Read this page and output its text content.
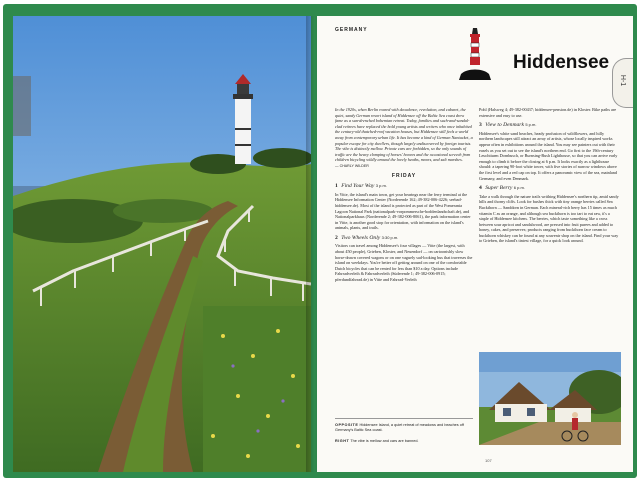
GERMANY
Hiddensee
H-1

In the 1920s, when Berlin roared with decadence, revolution, and cabaret, the quiet, sandy German resort island of Hiddensee off the Baltic Sea coast drew fame as a sun-drenched bohemian retreat. Today, families and such-and-sandal-clad retirees have replaced the bold young artists and writers who once inhabited the century-old thatched-roof vacation houses, but Hiddensee still feels a world away from contemporary urban life. It has become a kind of German Nantucket, a popular escape for city dwellers, though largely undiscovered by foreign tourists. The vibe is distinctly mellow. Private cars are forbidden, so the only sounds of traffic are the heavy clomping of horses' hooves and the occasional screech from children bicycling wildly around the lovely heaths, moors, and salt marshes.

— CHARLY WILDER

FRIDAY
1 Find Your Way 3 p.m.

In Vitte, the island's main town, get your bearings near the ferry terminal at the Hiddensee Information Center (Norderende 162; 49-382-006-4226; seebad-hiddensee.de). Most of the island is protected as part of the West Pomerania Lagoon National Park (nationalpark-vorpommersche-boddenlandschaft.de), and Nationalparkhaus (Norderende 2; 49-382-006-8061), the park information center in Vitte, is another good stop for orientation, with information on the island's animals, plants, and trails.

2 Two Wheels Only 3:30 p.m.

Visitors can travel among Hiddensee's four villages — Vitte (the largest, with about 450 people), Grieben, Kloster, and Neuendorf — on cartoonishly slow horse-drawn covered wagons or on one vaguely sad-looking bus that traverses the island on weekdays. You're better off getting around on one of the comfortable Dutch bicycles that can be rented for less than $10 a day. Options include Fahrradverleih & Fahrradverleih (Süderende 1; 49-382-006-0915; pferdundfahrrad.de) in Vitte and Fahrrad-Verleih

Pohl (Halsweg 4; 49-382-00437; hiddensee-pension.de) in Kloster. Bike paths are extensive and easy to use.

3 View to Denmark 5 p.m.

Hiddensee's white sand beaches, heady profusion of wildflowers, and hilly northern landscapes still attract an array of artists, whose locally inspired works appear often in exhibitions around the island. You may see painters out with their easels as you set out to see the island's northern end. Go first to the 19th-century Leuchtturm Dornbusch, or Burnsing-Bush Lighthouse, so that you can arrive early enough to climb it before the closing at 6 p.m. It looks exactly as a lighthouse should: a tapering 90-foot white tower, with five stories of narrow windows above the first level and a red cap on top. It offers a panoramic view of the sea, mainland Germany, and even Denmark.

4 Super Berry 6 p.m.

Take a walk through the nature trails writhing Hiddensee's northern tip, amid sandy hills and thorny cliffs. Look for bushes thick with tiny orange berries called Sea Buckthorn — Sanddorn in German. Each mineral-rich berry has 15 times as much vitamin C as an orange, and although sea buckthorn is too tart to eat raw, it's a staple of Hiddensee kitchens. The berries, which taste something like a cross between sour apricot and sandalwood, are pressed into fruit purees and added to honey, cakes, and preserves; products ranging from buckthorn face cream to buckthorn whiskey can be found at any souvenir shop on the island. Find your way to Grieben, the island's tiniest village, for a quick look around.

OPPOSITE Hiddensee Island, a quiet retreat of meadows and beaches off Germany's Baltic Sea coast.

RIGHT The vibe is mellow and cars are banned.

107
